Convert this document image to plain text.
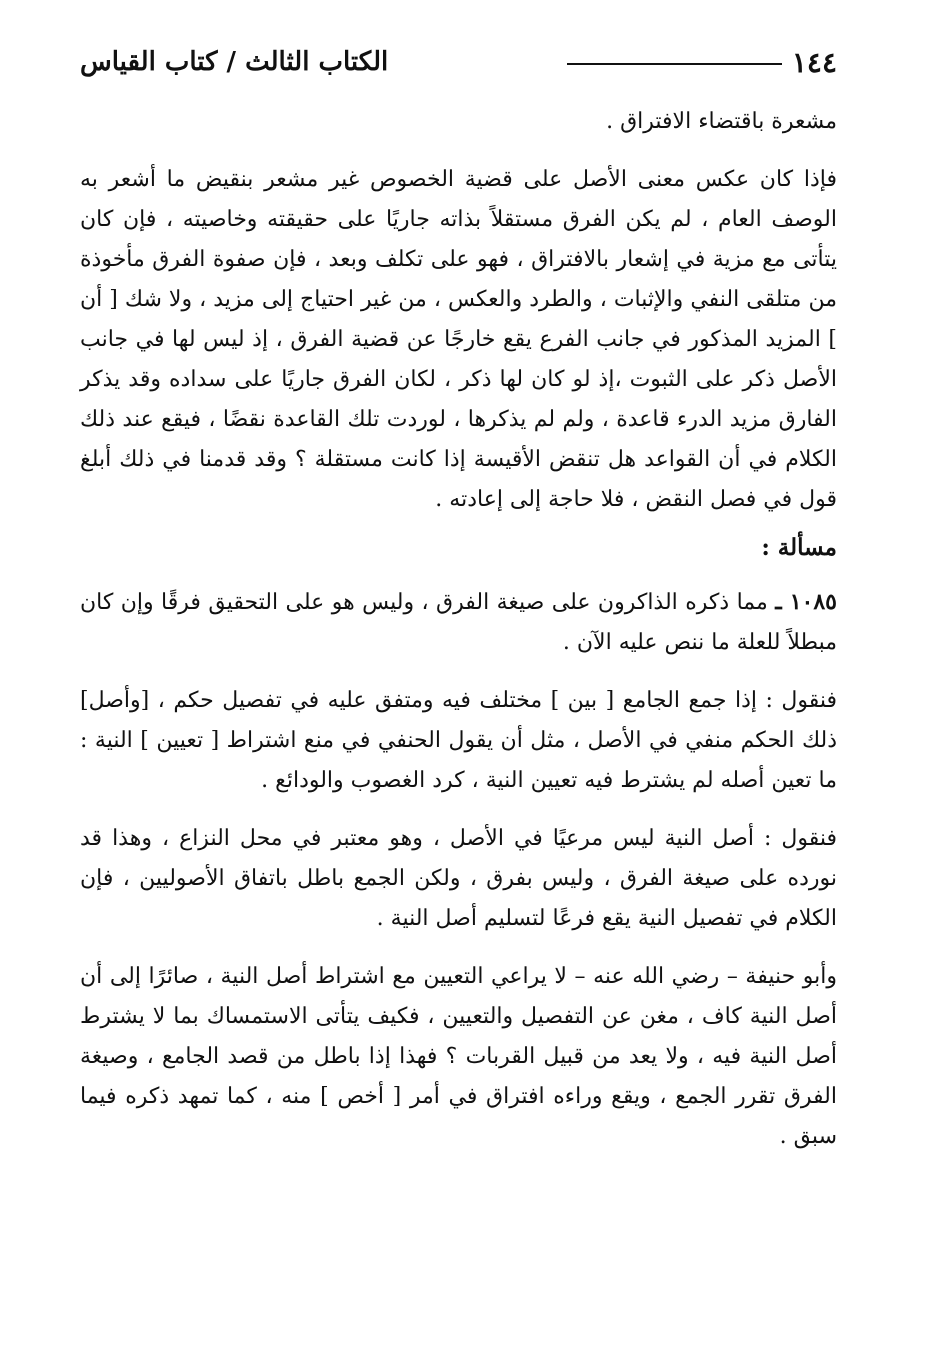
١٤٤
الكتاب الثالث / كتاب القياس

مشعرة باقتضاء الافتراق .

فإذا كان عكس معنى الأصل على قضية الخصوص غير مشعر بنقيض ما أشعر به الوصف العام ، لم يكن الفرق مستقلاً بذاته جاريًا على حقيقته وخاصيته ، فإن كان يتأتى مع مزية في إشعار بالافتراق ، فهو على تكلف وبعد ، فإن صفوة الفرق مأخوذة من متلقى النفي والإثبات ، والطرد والعكس ، من غير احتياج إلى مزيد ، ولا شك [ أن ] المزيد المذكور في جانب الفرع يقع خارجًا عن قضية الفرق ، إذ ليس لها في جانب الأصل ذكر على الثبوت ،إذ لو كان لها ذكر ، لكان الفرق جاريًا على سداده وقد يذكر الفارق مزيد الدرء قاعدة ، ولم لم يذكرها ، لوردت تلك القاعدة نقضًا ، فيقع عند ذلك الكلام في أن القواعد هل تنقض الأقيسة إذا كانت مستقلة ؟ وقد قدمنا في ذلك أبلغ قول في فصل النقض ، فلا حاجة إلى إعادته .

مسألة :

١٠٨٥ ـ مما ذكره الذاكرون على صيغة الفرق ، وليس هو على التحقيق فرقًا وإن كان مبطلاً للعلة ما ننص عليه الآن .

فنقول : إذا جمع الجامع [ بين ] مختلف فيه ومتفق عليه في تفصيل حكم ، [وأصل] ذلك الحكم منفي في الأصل ، مثل أن يقول الحنفي في منع اشتراط [ تعيين ] النية : ما تعين أصله لم يشترط فيه تعيين النية ، كرد الغصوب والودائع .

فنقول : أصل النية ليس مرعيًا في الأصل ، وهو معتبر في محل النزاع ، وهذا قد نورده على صيغة الفرق ، وليس بفرق ، ولكن الجمع باطل باتفاق الأصوليين ، فإن الكلام في تفصيل النية يقع فرعًا لتسليم أصل النية .

وأبو حنيفة – رضي الله عنه – لا يراعي التعيين مع اشتراط أصل النية ، صائرًا إلى أن أصل النية كاف ، مغن عن التفصيل والتعيين ، فكيف يتأتى الاستمساك بما لا يشترط أصل النية فيه ، ولا يعد من قبيل القربات ؟ فهذا إذا باطل من قصد الجامع ، وصيغة الفرق تقرر الجمع ، ويقع وراءه افتراق في أمر [ أخص ] منه ، كما تمهد ذكره فيما سبق .
